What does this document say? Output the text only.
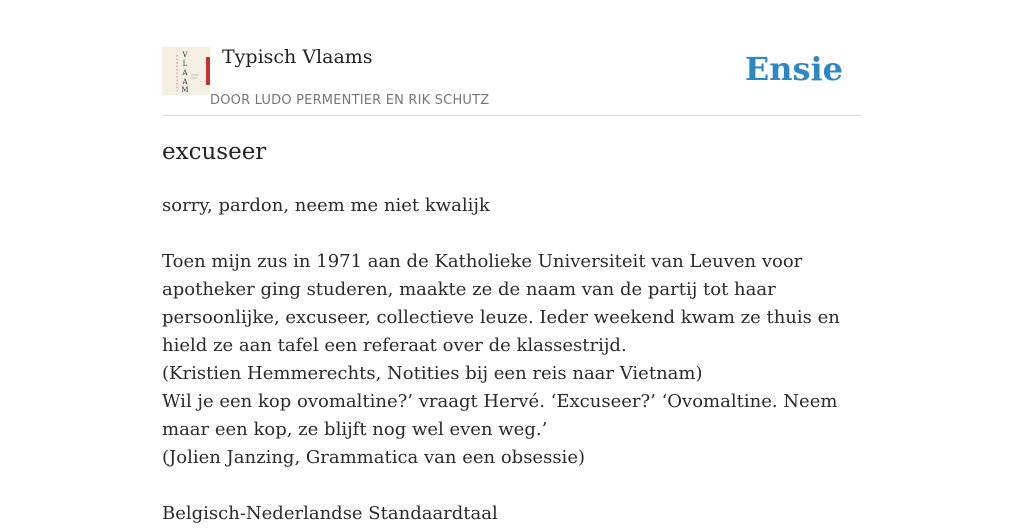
V
L
A
A
M
Typisch Vlaams
DOOR LUDO PERMENTIER EN RIK SCHUTZ
Ensie
excuseer

sorry, pardon, neem me niet kwalijk

Toen mijn zus in 1971 aan de Katholieke Universiteit van Leuven voor apotheker ging studeren, maakte ze de naam van de partij tot haar persoonlijke, excuseer, collectieve leuze. Ieder weekend kwam ze thuis en hield ze aan tafel een referaat over de klassestrijd.

(Kristien Hemmerechts, Notities bij een reis naar Vietnam)

Wil je een kop ovomaltine?’ vraagt Hervé. ‘Excuseer?’ ‘Ovomaltine. Neem maar een kop, ze blijft nog wel even weg.’

(Jolien Janzing, Grammatica van een obsessie)

Belgisch-Nederlandse Standaardtaal
